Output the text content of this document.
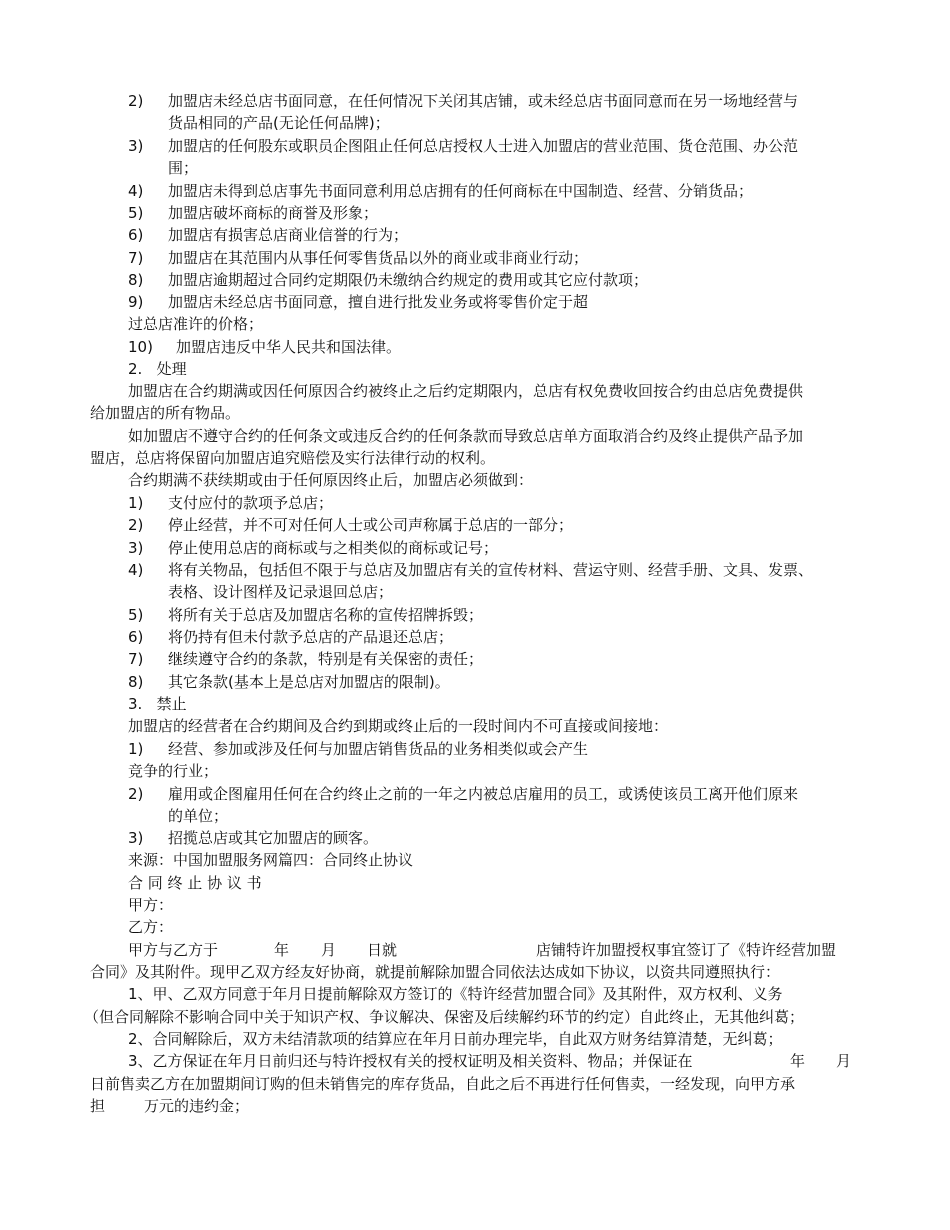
2) 加盟店未经总店书面同意，在任何情况下关闭其店铺，或未经总店书面同意而在另一场地经营与
货品相同的产品(无论任何品牌)；
3) 加盟店的任何股东或职员企图阻止任何总店授权人士进入加盟店的营业范围、货仓范围、办公范
围；
4) 加盟店未得到总店事先书面同意利用总店拥有的任何商标在中国制造、经营、分销货品；
5) 加盟店破坏商标的商誉及形象；
6) 加盟店有损害总店商业信誉的行为；
7) 加盟店在其范围内从事任何零售货品以外的商业或非商业行动；
8) 加盟店逾期超过合同约定期限仍未缴纳合约规定的费用或其它应付款项；
9) 加盟店未经总店书面同意，擅自进行批发业务或将零售价定于超
过总店准许的价格；
10) 加盟店违反中华人民共和国法律。
2.   处理
加盟店在合约期满或因任何原因合约被终止之后约定期限内，总店有权免费收回按合约由总店免费提供
给加盟店的所有物品。
如加盟店不遵守合约的任何条文或违反合约的任何条款而导致总店单方面取消合约及终止提供产品予加
盟店，总店将保留向加盟店追究赔偿及实行法律行动的权利。
合约期满不获续期或由于任何原因终止后，加盟店必须做到：
1) 支付应付的款项予总店；
2) 停止经营，并不可对任何人士或公司声称属于总店的一部分；
3) 停止使用总店的商标或与之相类似的商标或记号；
4) 将有关物品，包括但不限于与总店及加盟店有关的宣传材料、营运守则、经营手册、文具、发票、
表格、设计图样及记录退回总店；
5) 将所有关于总店及加盟店名称的宣传招牌拆毁；
6) 将仍持有但未付款予总店的产品退还总店；
7) 继续遵守合约的条款，特别是有关保密的责任；
8) 其它条款(基本上是总店对加盟店的限制)。
3.   禁止
加盟店的经营者在合约期间及合约到期或终止后的一段时间内不可直接或间接地：
1) 经营、参加或涉及任何与加盟店销售货品的业务相类似或会产生
竞争的行业；
2) 雇用或企图雇用任何在合约终止之前的一年之内被总店雇用的员工，或诱使该员工离开他们原来
的单位；
3) 招揽总店或其它加盟店的顾客。
来源：中国加盟服务网篇四：合同终止协议
合 同 终 止 协 议 书
甲方：
乙方：
甲方与乙方于	年 月 日就	店铺特许加盟授权事宜签订了《特许经营加盟
合同》及其附件。现甲乙双方经友好协商，就提前解除加盟合同依法达成如下协议，以资共同遵照执行：
1、甲、乙双方同意于年月日提前解除双方签订的《特许经营加盟合同》及其附件，双方权利、义务
（但合同解除不影响合同中关于知识产权、争议解决、保密及后续解约环节的约定）自此终止，无其他纠葛；
2、合同解除后，双方未结清款项的结算应在年月日前办理完毕，自此双方财务结算清楚，无纠葛；
3、乙方保证在年月日前归还与特许授权有关的授权证明及相关资料、物品；并保证在	年 月
日前售卖乙方在加盟期间订购的但未销售完的库存货品，自此之后不再进行任何售卖，一经发现，向甲方承
担	万元的违约金；
